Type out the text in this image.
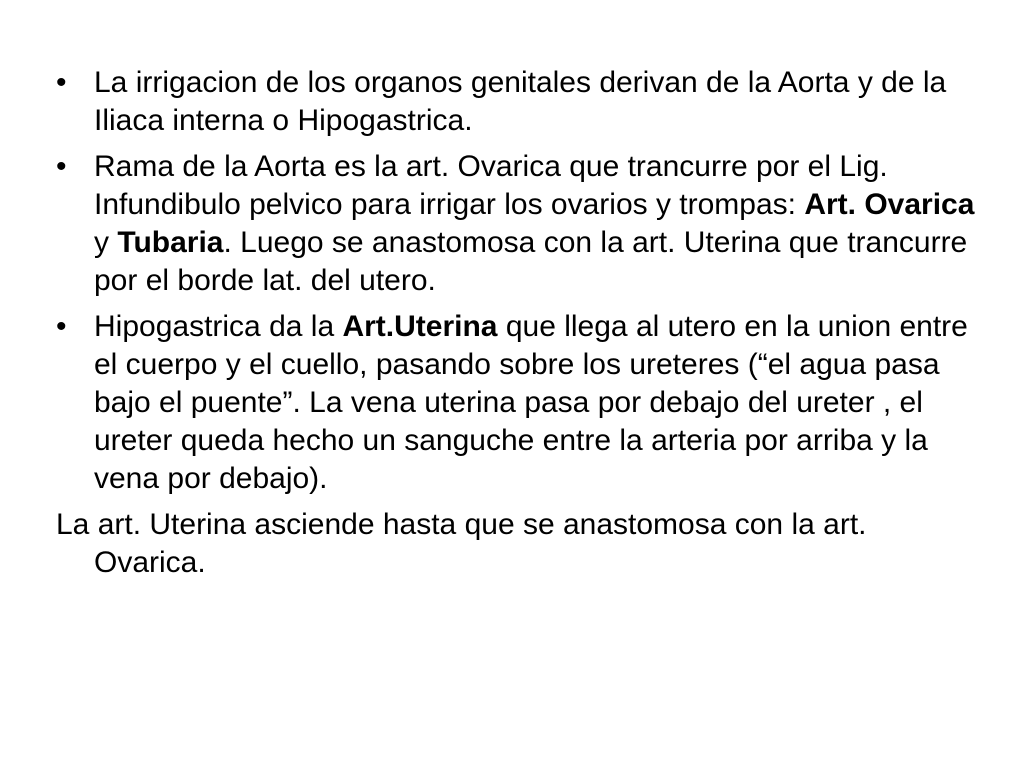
• La irrigacion de los organos genitales derivan de la Aorta y de la Iliaca interna o Hipogastrica.
• Rama de la Aorta es la art. Ovarica que trancurre por el Lig. Infundibulo pelvico para irrigar los ovarios y trompas: Art. Ovarica y Tubaria. Luego se anastomosa con la art. Uterina que trancurre por el borde lat. del utero.
• Hipogastrica da la Art.Uterina que llega al utero en la union entre el cuerpo y el cuello, pasando sobre los ureteres (“el agua pasa bajo el puente”. La vena uterina pasa por debajo del ureter , el ureter queda hecho un sanguche entre la arteria por arriba y la vena por debajo).

La art. Uterina asciende hasta que se anastomosa con la art. Ovarica.
